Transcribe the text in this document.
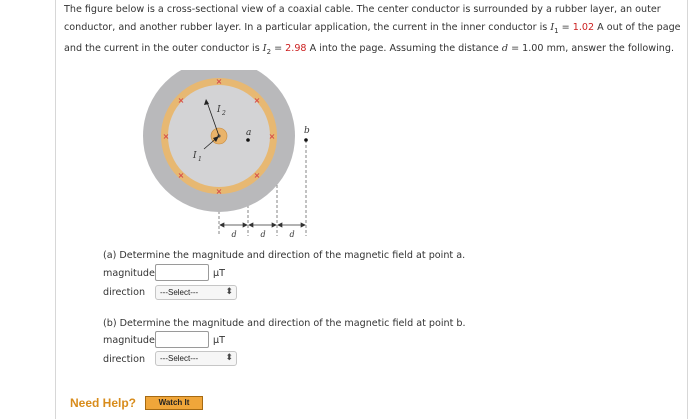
The figure below is a cross-sectional view of a coaxial cable. The center conductor is surrounded by a rubber layer, an outer
conductor, and another rubber layer. In a particular application, the current in the inner conductor is $I_1 = 1.02$ A out of the page
and the current in the outer conductor is $I_2 = 2.98$ A into the page. Assuming the distance d = 1.00 mm, answer the following.
×
×	×
×	×
×	×
×
I 1
I 2
a	b
d	d	d
(a) Determine the magnitude and direction of the magnetic field at point a.
magnitude	µT
direction	---Select---	⬍
(b) Determine the magnitude and direction of the magnetic field at point b.
magnitude	µT
direction	---Select---	⬍
Need Help?	Watch It
